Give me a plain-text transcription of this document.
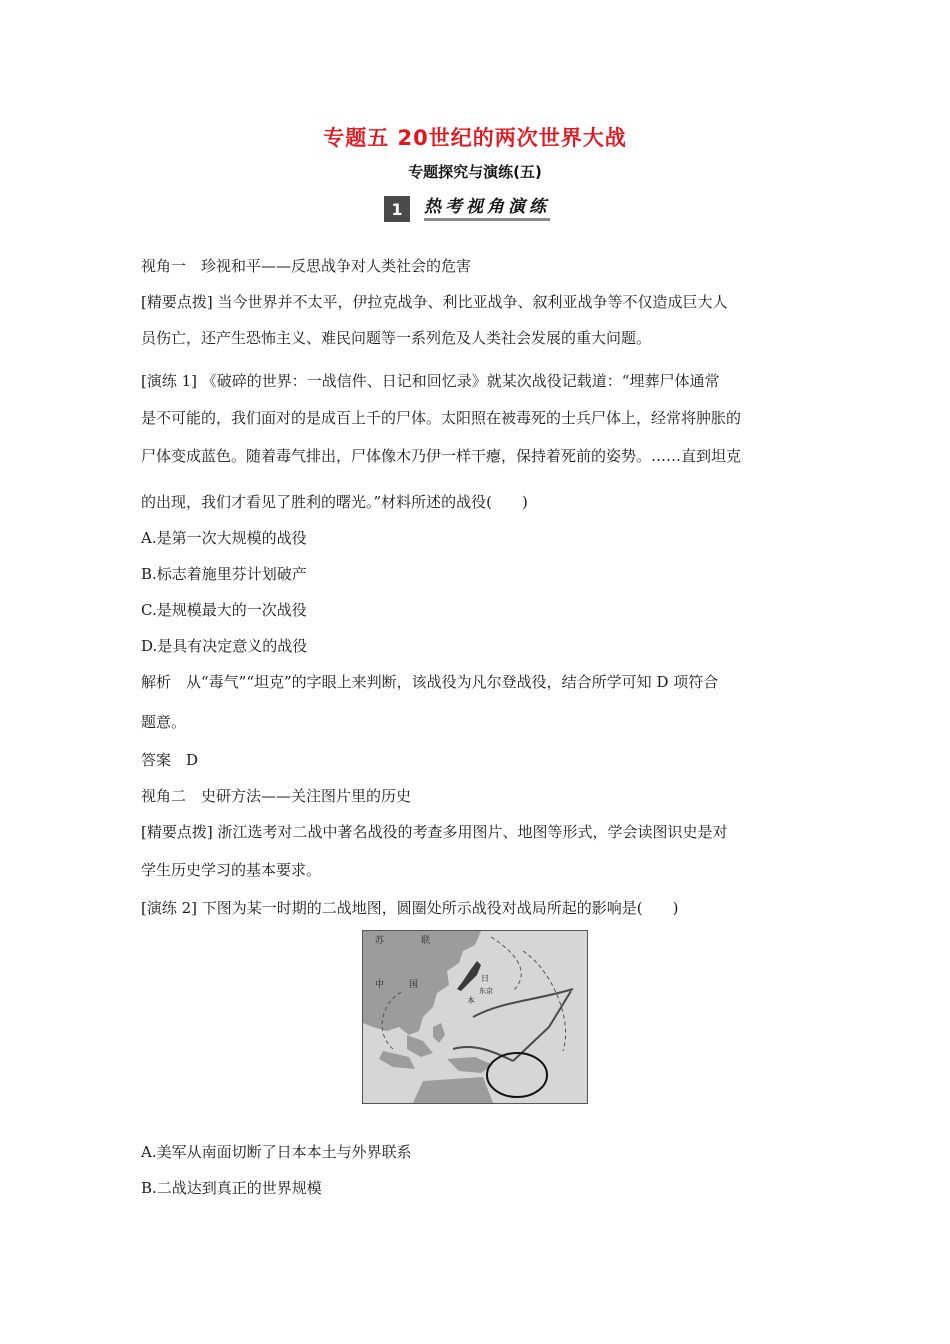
专题五 20世纪的两次世界大战
专题探究与演练(五)
1	热考视角演练
视角一　珍视和平——反思战争对人类社会的危害
[精要点拨] 当今世界并不太平，伊拉克战争、利比亚战争、叙利亚战争等不仅造成巨大人
员伤亡，还产生恐怖主义、难民问题等一系列危及人类社会发展的重大问题。
[演练 1] 《破碎的世界：一战信件、日记和回忆录》就某次战役记载道：“埋葬尸体通常
是不可能的，我们面对的是成百上千的尸体。太阳照在被毒死的士兵尸体上，经常将肿胀的
尸体变成蓝色。随着毒气排出，尸体像木乃伊一样干瘪，保持着死前的姿势。……直到坦克
的出现，我们才看见了胜利的曙光。”材料所述的战役(　　)
A.是第一次大规模的战役
B.标志着施里芬计划破产
C.是规模最大的一次战役
D.是具有决定意义的战役
解析　从“毒气”“坦克”的字眼上来判断，该战役为凡尔登战役，结合所学可知 D 项符合
题意。
答案　D
视角二　史研方法——关注图片里的历史
[精要点拨] 浙江选考对二战中著名战役的考查多用图片、地图等形式，学会读图识史是对
学生历史学习的基本要求。
[演练 2] 下图为某一时期的二战地图，圆圈处所示战役对战局所起的影响是(　　)
苏	联
中	国
日
本
东京
A.美军从南面切断了日本本土与外界联系
B.二战达到真正的世界规模
